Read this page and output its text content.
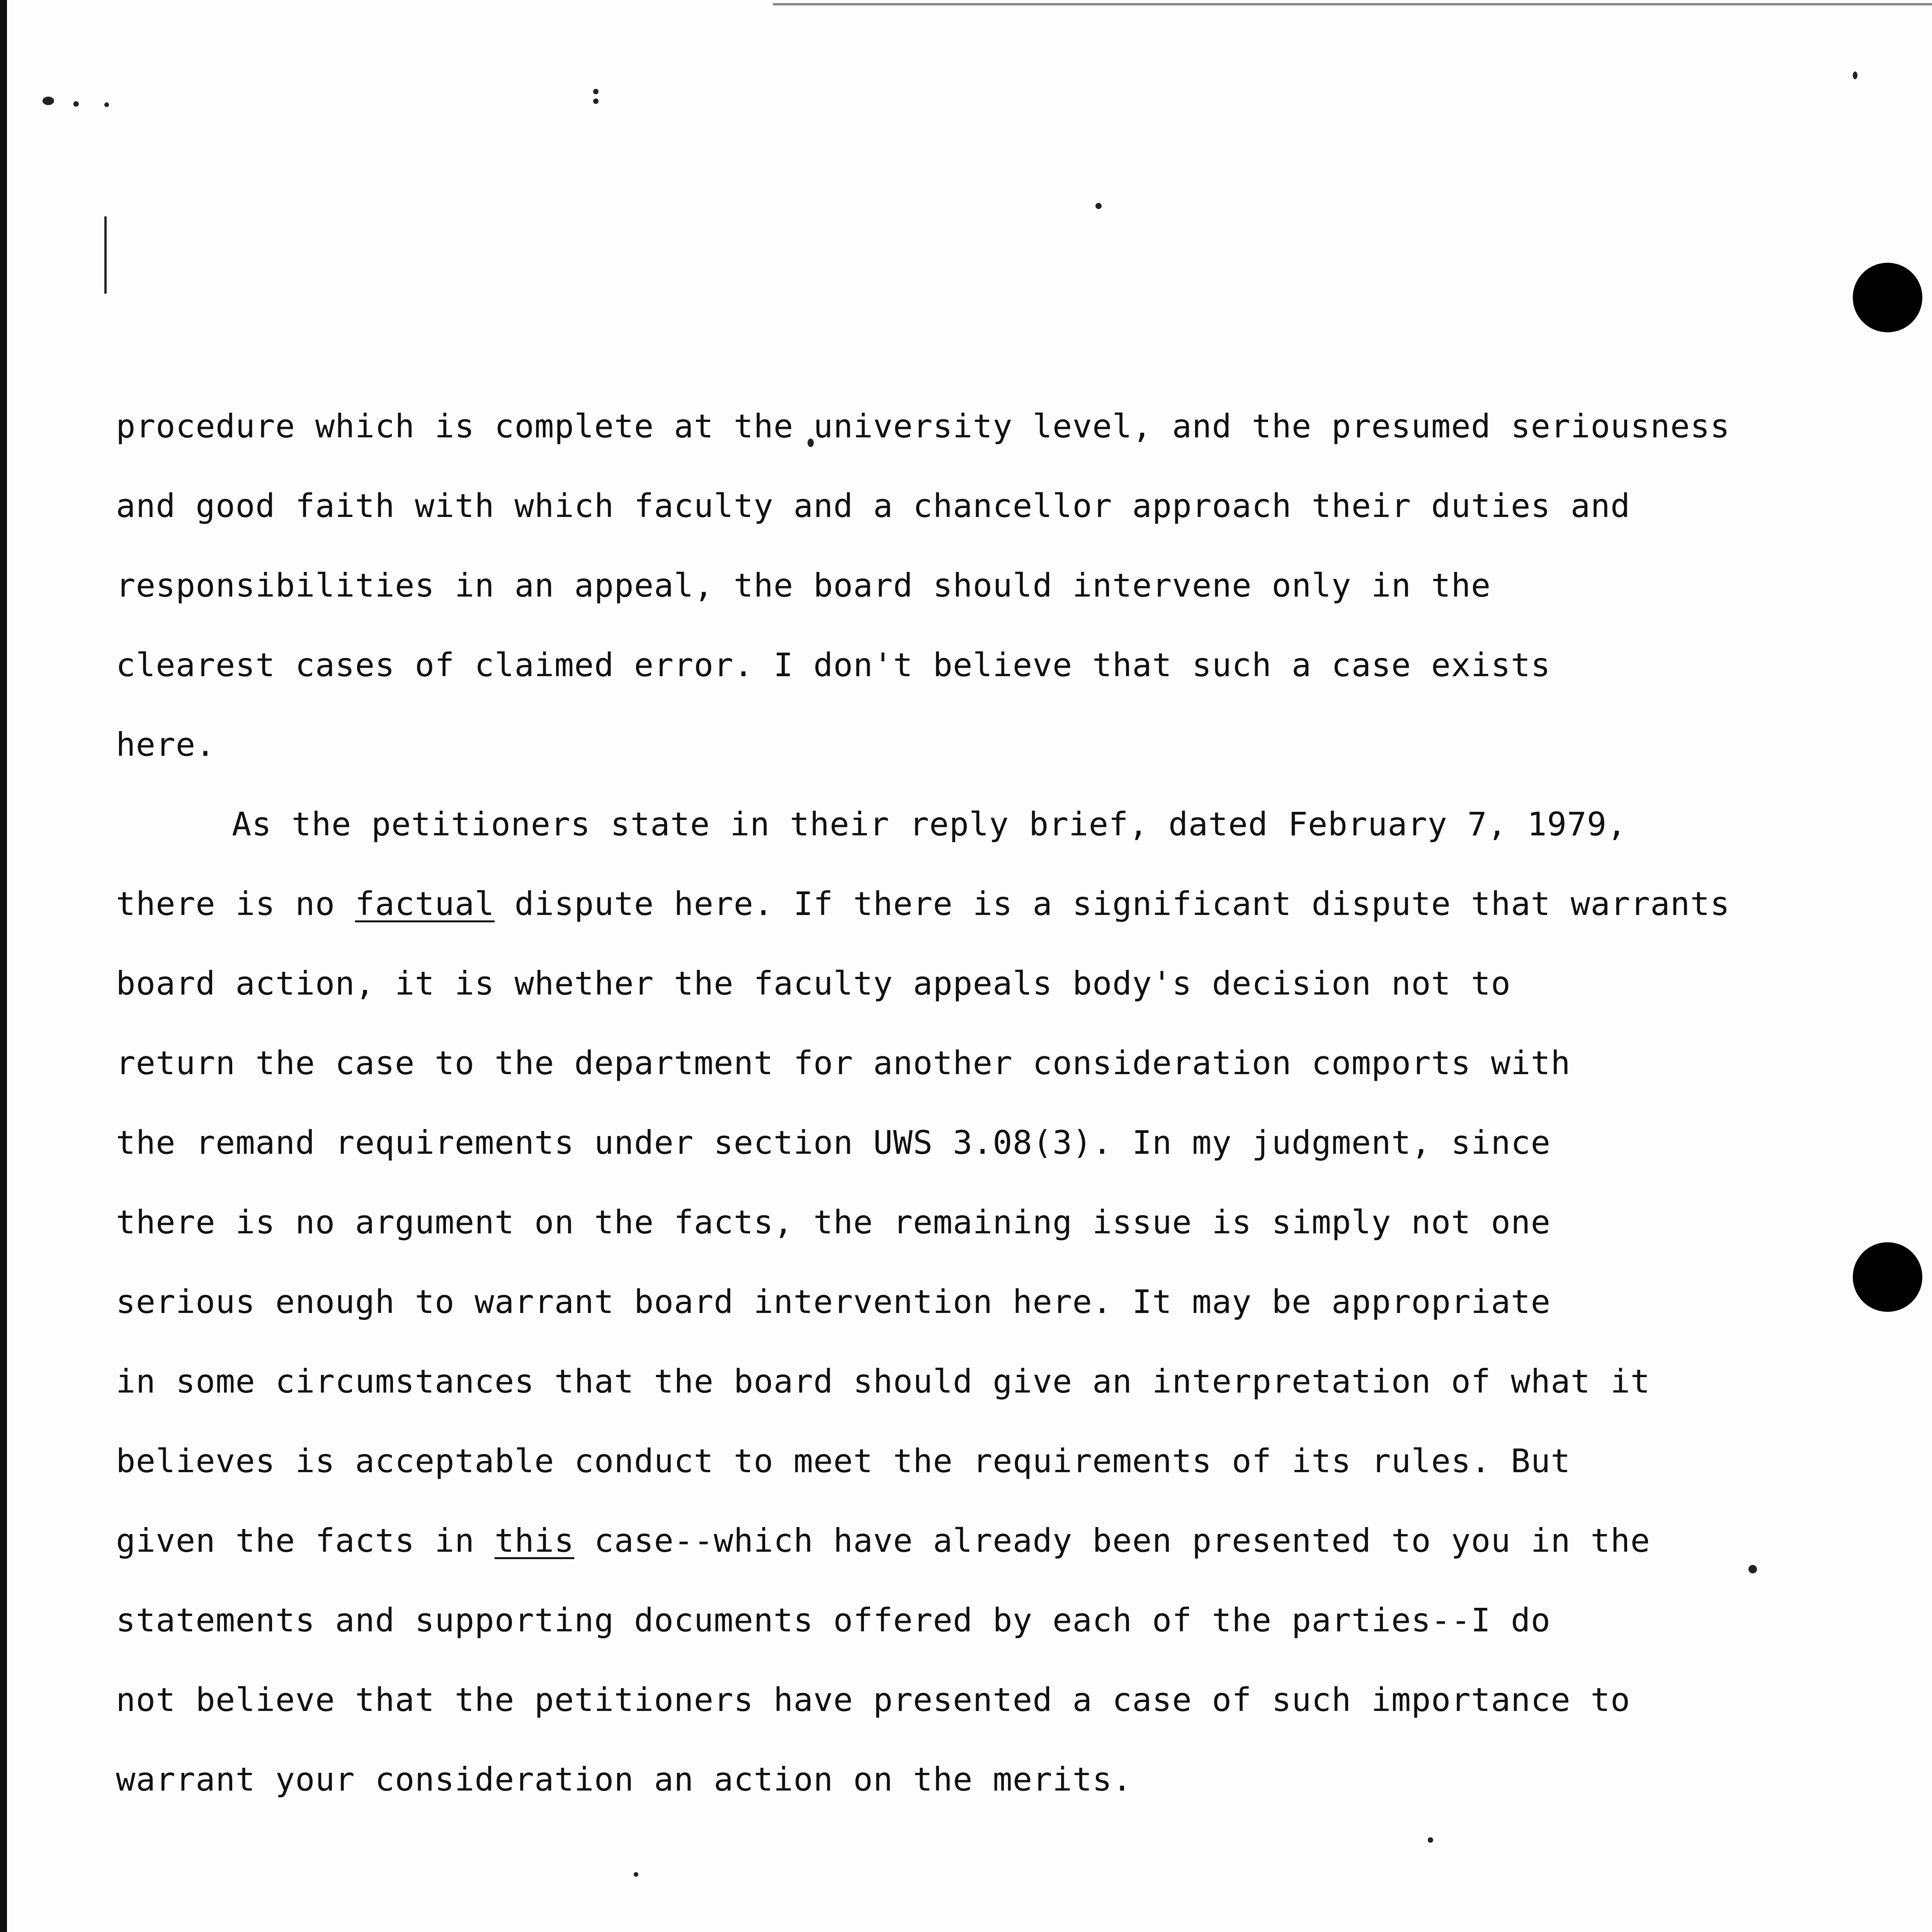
procedure which is complete at the university level, and the presumed seriousness
and good faith with which faculty and a chancellor approach their duties and
responsibilities in an appeal, the board should intervene only in the
clearest cases of claimed error. I don't believe that such a case exists
here.
As the petitioners state in their reply brief, dated February 7, 1979,
there is no factual dispute here. If there is a significant dispute that warrants
board action, it is whether the faculty appeals body's decision not to
return the case to the department for another consideration comports with
the remand requirements under section UWS 3.08(3). In my judgment, since
there is no argument on the facts, the remaining issue is simply not one
serious enough to warrant board intervention here. It may be appropriate
in some circumstances that the board should give an interpretation of what it
believes is acceptable conduct to meet the requirements of its rules. But
given the facts in this case--which have already been presented to you in the
statements and supporting documents offered by each of the parties--I do
not believe that the petitioners have presented a case of such importance to
warrant your consideration an action on the merits.
